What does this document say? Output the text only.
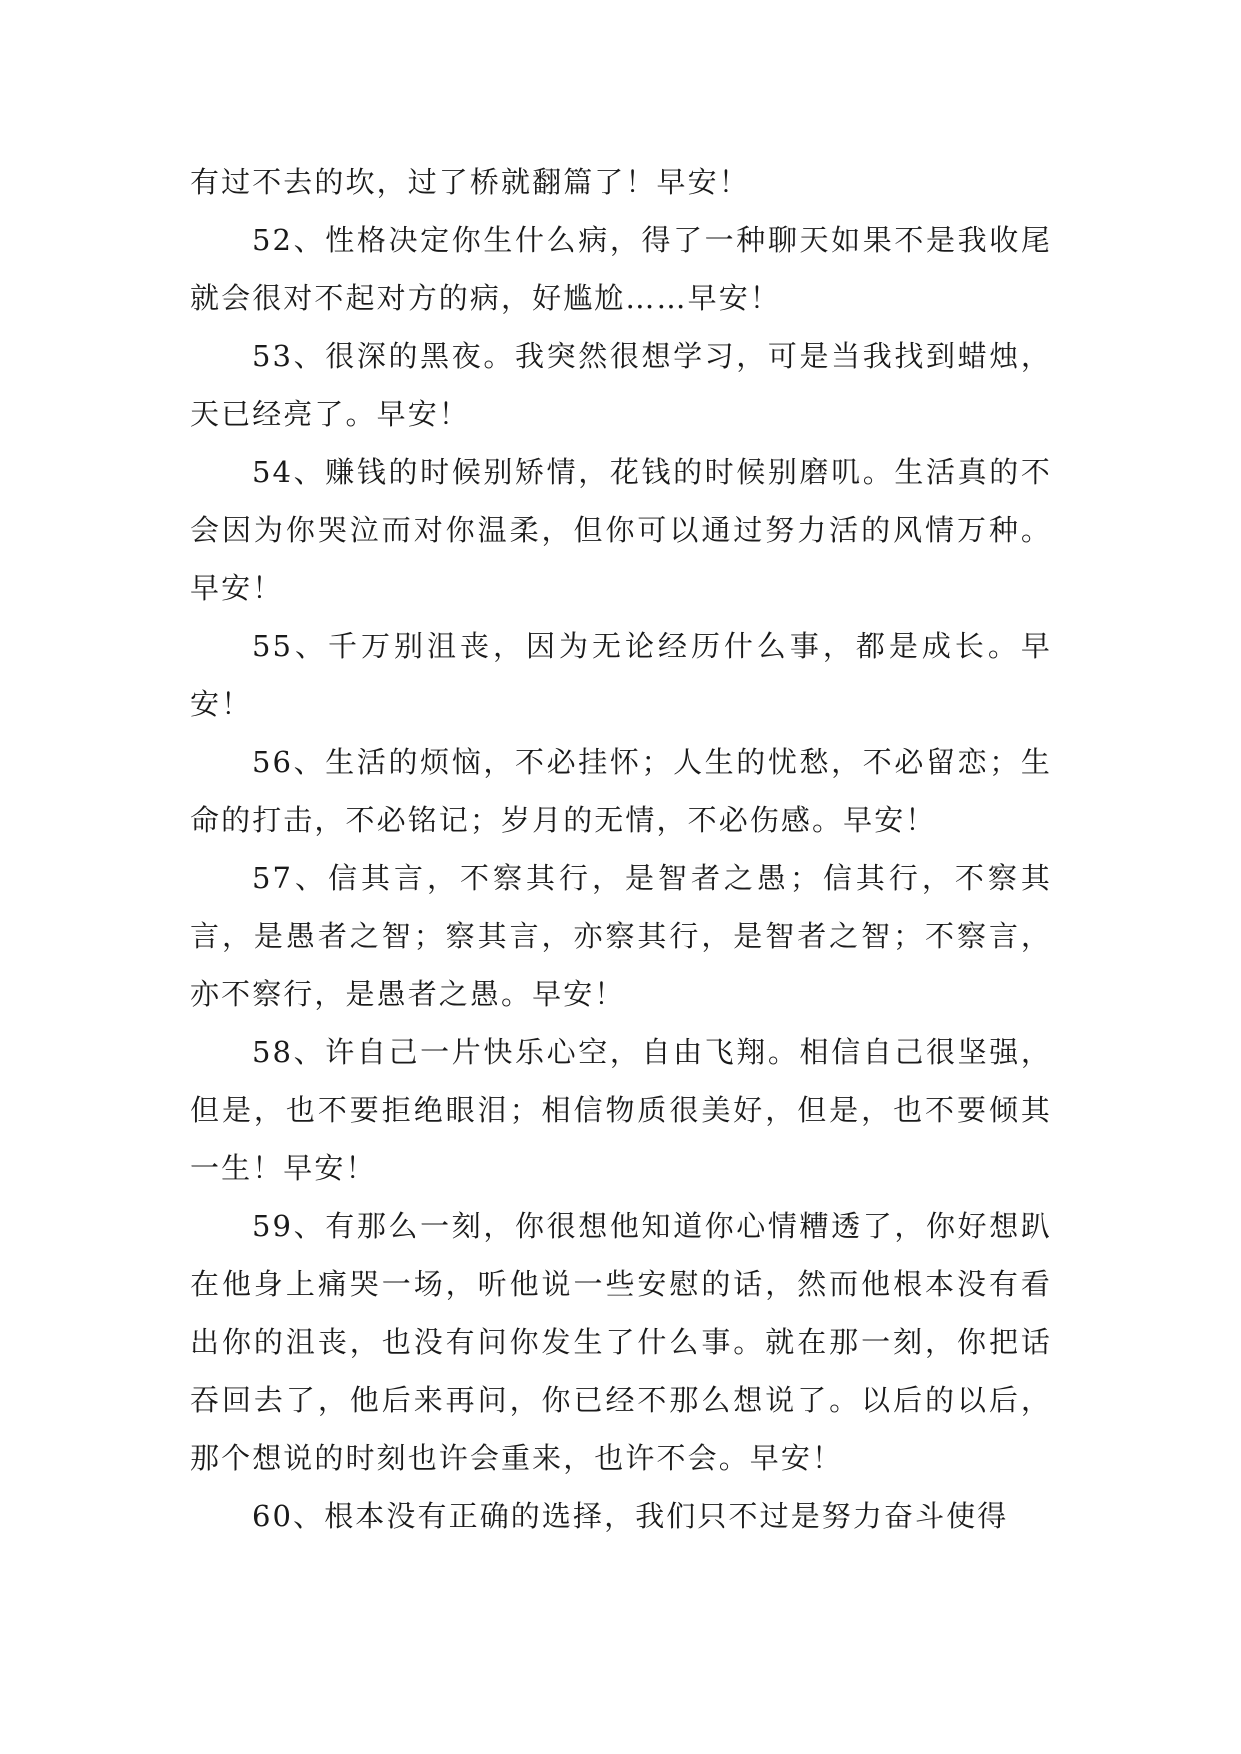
有过不去的坎，过了桥就翻篇了！早安！

52、性格决定你生什么病，得了一种聊天如果不是我收尾就会很对不起对方的病，好尴尬……早安！

53、很深的黑夜。我突然很想学习，可是当我找到蜡烛，天已经亮了。早安！

54、赚钱的时候别矫情，花钱的时候别磨叽。生活真的不会因为你哭泣而对你温柔，但你可以通过努力活的风情万种。早安！

55、千万别沮丧，因为无论经历什么事，都是成长。早安！

56、生活的烦恼，不必挂怀；人生的忧愁，不必留恋；生命的打击，不必铭记；岁月的无情，不必伤感。早安！

57、信其言，不察其行，是智者之愚；信其行，不察其言，是愚者之智；察其言，亦察其行，是智者之智；不察言，亦不察行，是愚者之愚。早安！

58、许自己一片快乐心空，自由飞翔。相信自己很坚强，但是，也不要拒绝眼泪；相信物质很美好，但是，也不要倾其一生！早安！

59、有那么一刻，你很想他知道你心情糟透了，你好想趴在他身上痛哭一场，听他说一些安慰的话，然而他根本没有看出你的沮丧，也没有问你发生了什么事。就在那一刻，你把话吞回去了，他后来再问，你已经不那么想说了。以后的以后，那个想说的时刻也许会重来，也许不会。早安！

60、根本没有正确的选择，我们只不过是努力奋斗使得
